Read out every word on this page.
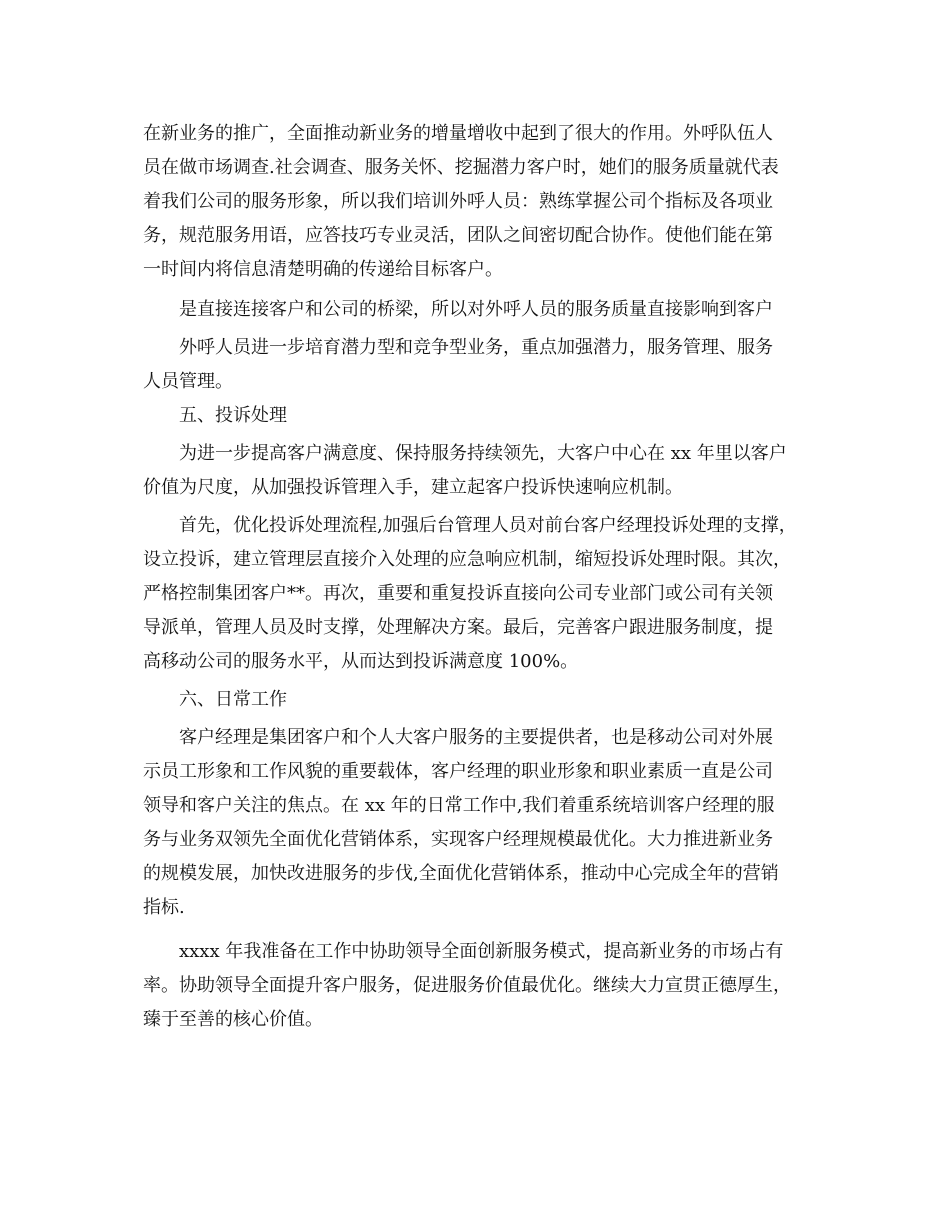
在新业务的推广，全面推动新业务的增量增收中起到了很大的作用。外呼队伍人

员在做市场调查.社会调查、服务关怀、挖掘潜力客户时，她们的服务质量就代表

着我们公司的服务形象，所以我们培训外呼人员：熟练掌握公司个指标及各项业

务，规范服务用语，应答技巧专业灵活，团队之间密切配合协作。使他们能在第

一时间内将信息清楚明确的传递给目标客户。

是直接连接客户和公司的桥梁，所以对外呼人员的服务质量直接影响到客户

外呼人员进一步培育潜力型和竞争型业务，重点加强潜力，服务管理、服务

人员管理。

五、投诉处理

为进一步提高客户满意度、保持服务持续领先，大客户中心在 xx 年里以客户

价值为尺度，从加强投诉管理入手，建立起客户投诉快速响应机制。

首先，优化投诉处理流程,加强后台管理人员对前台客户经理投诉处理的支撑，

设立投诉，建立管理层直接介入处理的应急响应机制，缩短投诉处理时限。其次，

严格控制集团客户**。再次，重要和重复投诉直接向公司专业部门或公司有关领

导派单，管理人员及时支撑，处理解决方案。最后，完善客户跟进服务制度，提

高移动公司的服务水平，从而达到投诉满意度 100%。

六、日常工作

客户经理是集团客户和个人大客户服务的主要提供者，也是移动公司对外展

示员工形象和工作风貌的重要载体，客户经理的职业形象和职业素质一直是公司

领导和客户关注的焦点。在 xx 年的日常工作中,我们着重系统培训客户经理的服

务与业务双领先全面优化营销体系，实现客户经理规模最优化。大力推进新业务

的规模发展，加快改进服务的步伐,全面优化营销体系，推动中心完成全年的营销

指标.

xxxx 年我准备在工作中协助领导全面创新服务模式，提高新业务的市场占有

率。协助领导全面提升客户服务，促进服务价值最优化。继续大力宣贯正德厚生，

臻于至善的核心价值。
